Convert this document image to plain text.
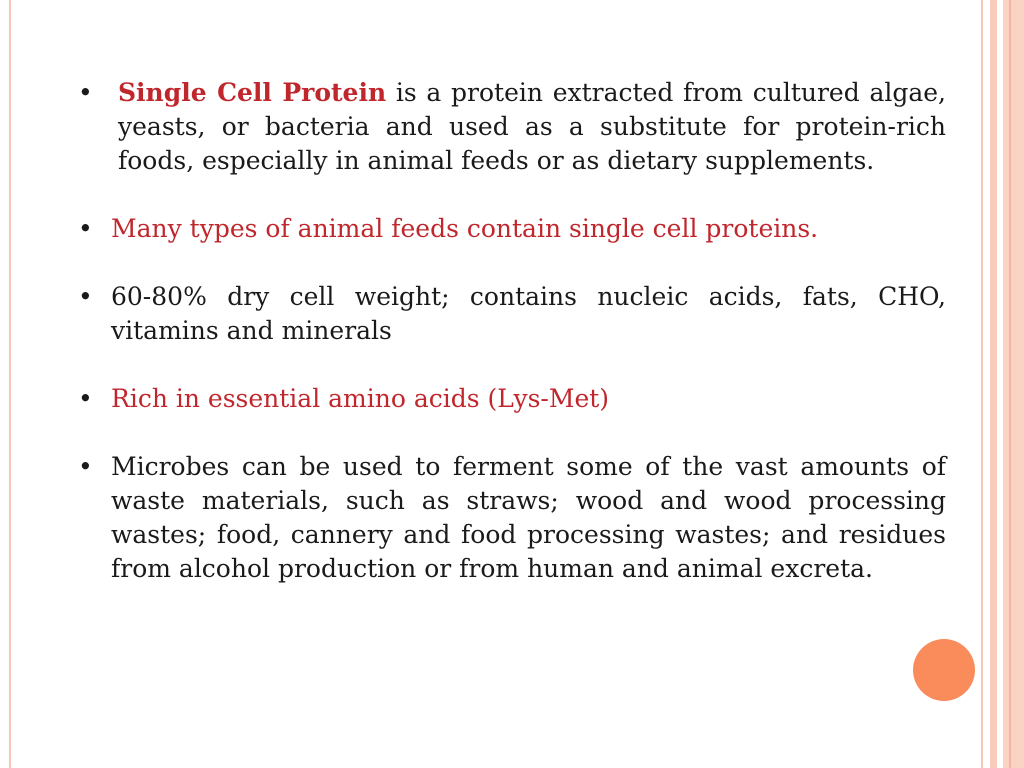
•	Single Cell Protein is a protein extracted from cultured algae, yeasts, or bacteria and used as a substitute for protein-rich foods, especially in animal feeds or as dietary supplements.
• Many types of animal feeds contain single cell proteins.
• 60-80% dry cell weight; contains nucleic acids, fats, CHO, vitamins and minerals
• Rich in essential amino acids (Lys-Met)
• Microbes can be used to ferment some of the vast amounts of waste materials, such as straws; wood and wood processing wastes; food, cannery and food processing wastes; and residues from alcohol production or from human and animal excreta.
